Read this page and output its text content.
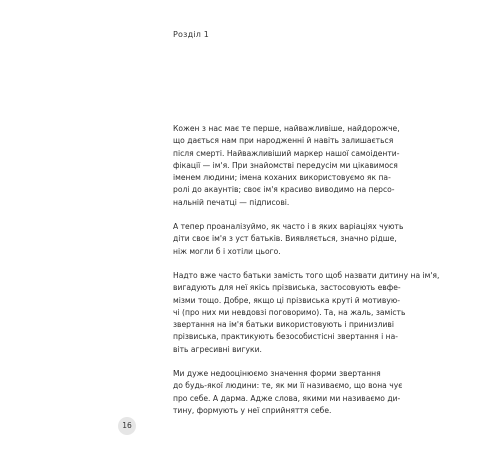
Розділ 1

Кожен з нас має те перше, найважливіше, найдорожче,
що дається нам при народженні й навіть залишається
після смерті. Найважливіший маркер нашої самоіденти-
фікації — ім'я. При знайомстві передусім ми цікавимося
іменем людини; імена коханих використовуємо як па-
ролі до акаунтів; своє ім'я красиво виводимо на персо-
нальній печатці — підписові.

А тепер проаналізуймо, як часто і в яких варіаціях чують
діти своє ім'я з уст батьків. Виявляється, значно рідше,
ніж могли б і хотіли цього.

Надто вже часто батьки замість того щоб назвати дитину на ім'я,
вигадують для неї якісь прізвиська, застосовують евфе-
мізми тощо. Добре, якщо ці прізвиська круті й мотивую-
чі (про них ми невдовзі поговоримо). Та, на жаль, замість
звертання на ім'я батьки використовують і принизливі
прізвиська, практикують безособистісні звертання і на-
віть агресивні вигуки.

Ми дуже недооцінюємо значення форми звертання
до будь-якої людини: те, як ми її називаємо, що вона чує
про себе. А дарма. Адже слова, якими ми називаємо ди-
тину, формують у неї сприйняття себе.

16
